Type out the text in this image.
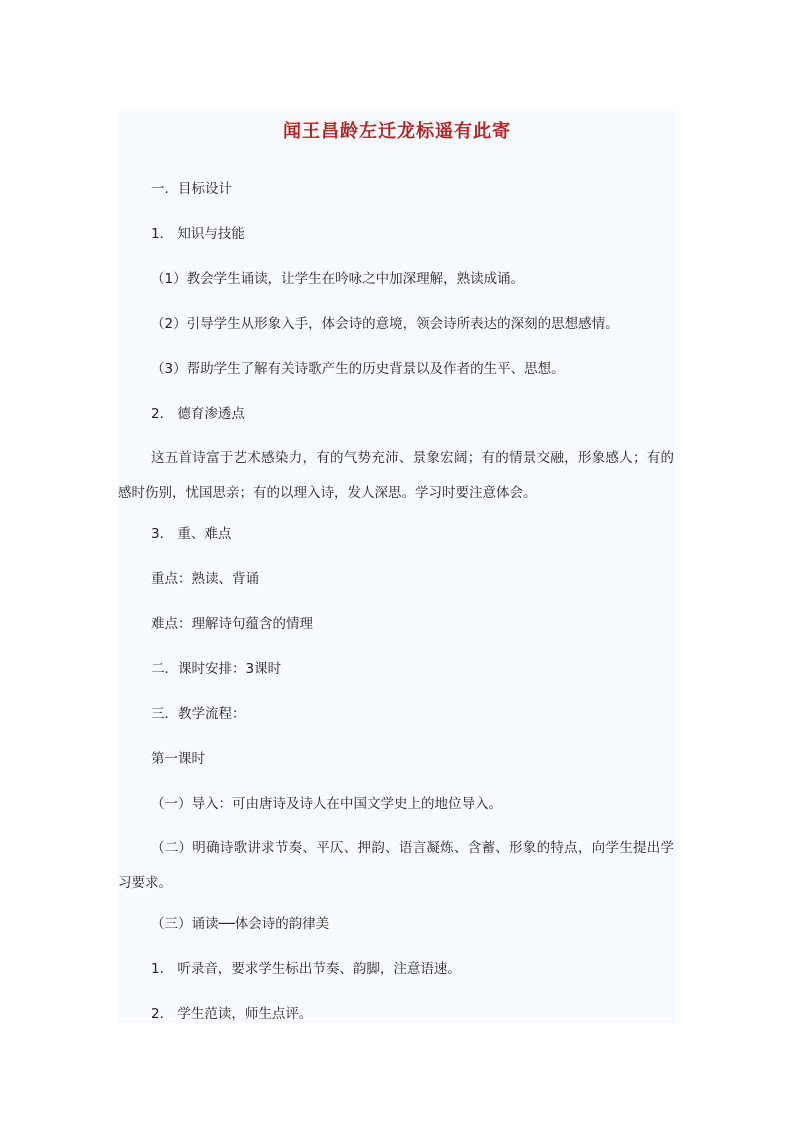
闻王昌龄左迁龙标遥有此寄
一．目标设计
1． 知识与技能
（1）教会学生诵读，让学生在吟咏之中加深理解，熟读成诵。
（2）引导学生从形象入手，体会诗的意境，领会诗所表达的深刻的思想感情。
（3）帮助学生了解有关诗歌产生的历史背景以及作者的生平、思想。
2． 德育渗透点
这五首诗富于艺术感染力，有的气势充沛、景象宏阔；有的情景交融，形象感人；有的感时伤别，忧国思亲；有的以理入诗，发人深思。学习时要注意体会。
3． 重、难点
重点：熟读、背诵
难点：理解诗句蕴含的情理
二．课时安排：3课时
三．教学流程：
第一课时
（一）导入：可由唐诗及诗人在中国文学史上的地位导入。
（二）明确诗歌讲求节奏、平仄、押韵、语言凝炼、含蓄、形象的特点，向学生提出学习要求。
（三）诵读──体会诗的韵律美
1． 听录音，要求学生标出节奏、韵脚，注意语速。
2． 学生范读，师生点评。
